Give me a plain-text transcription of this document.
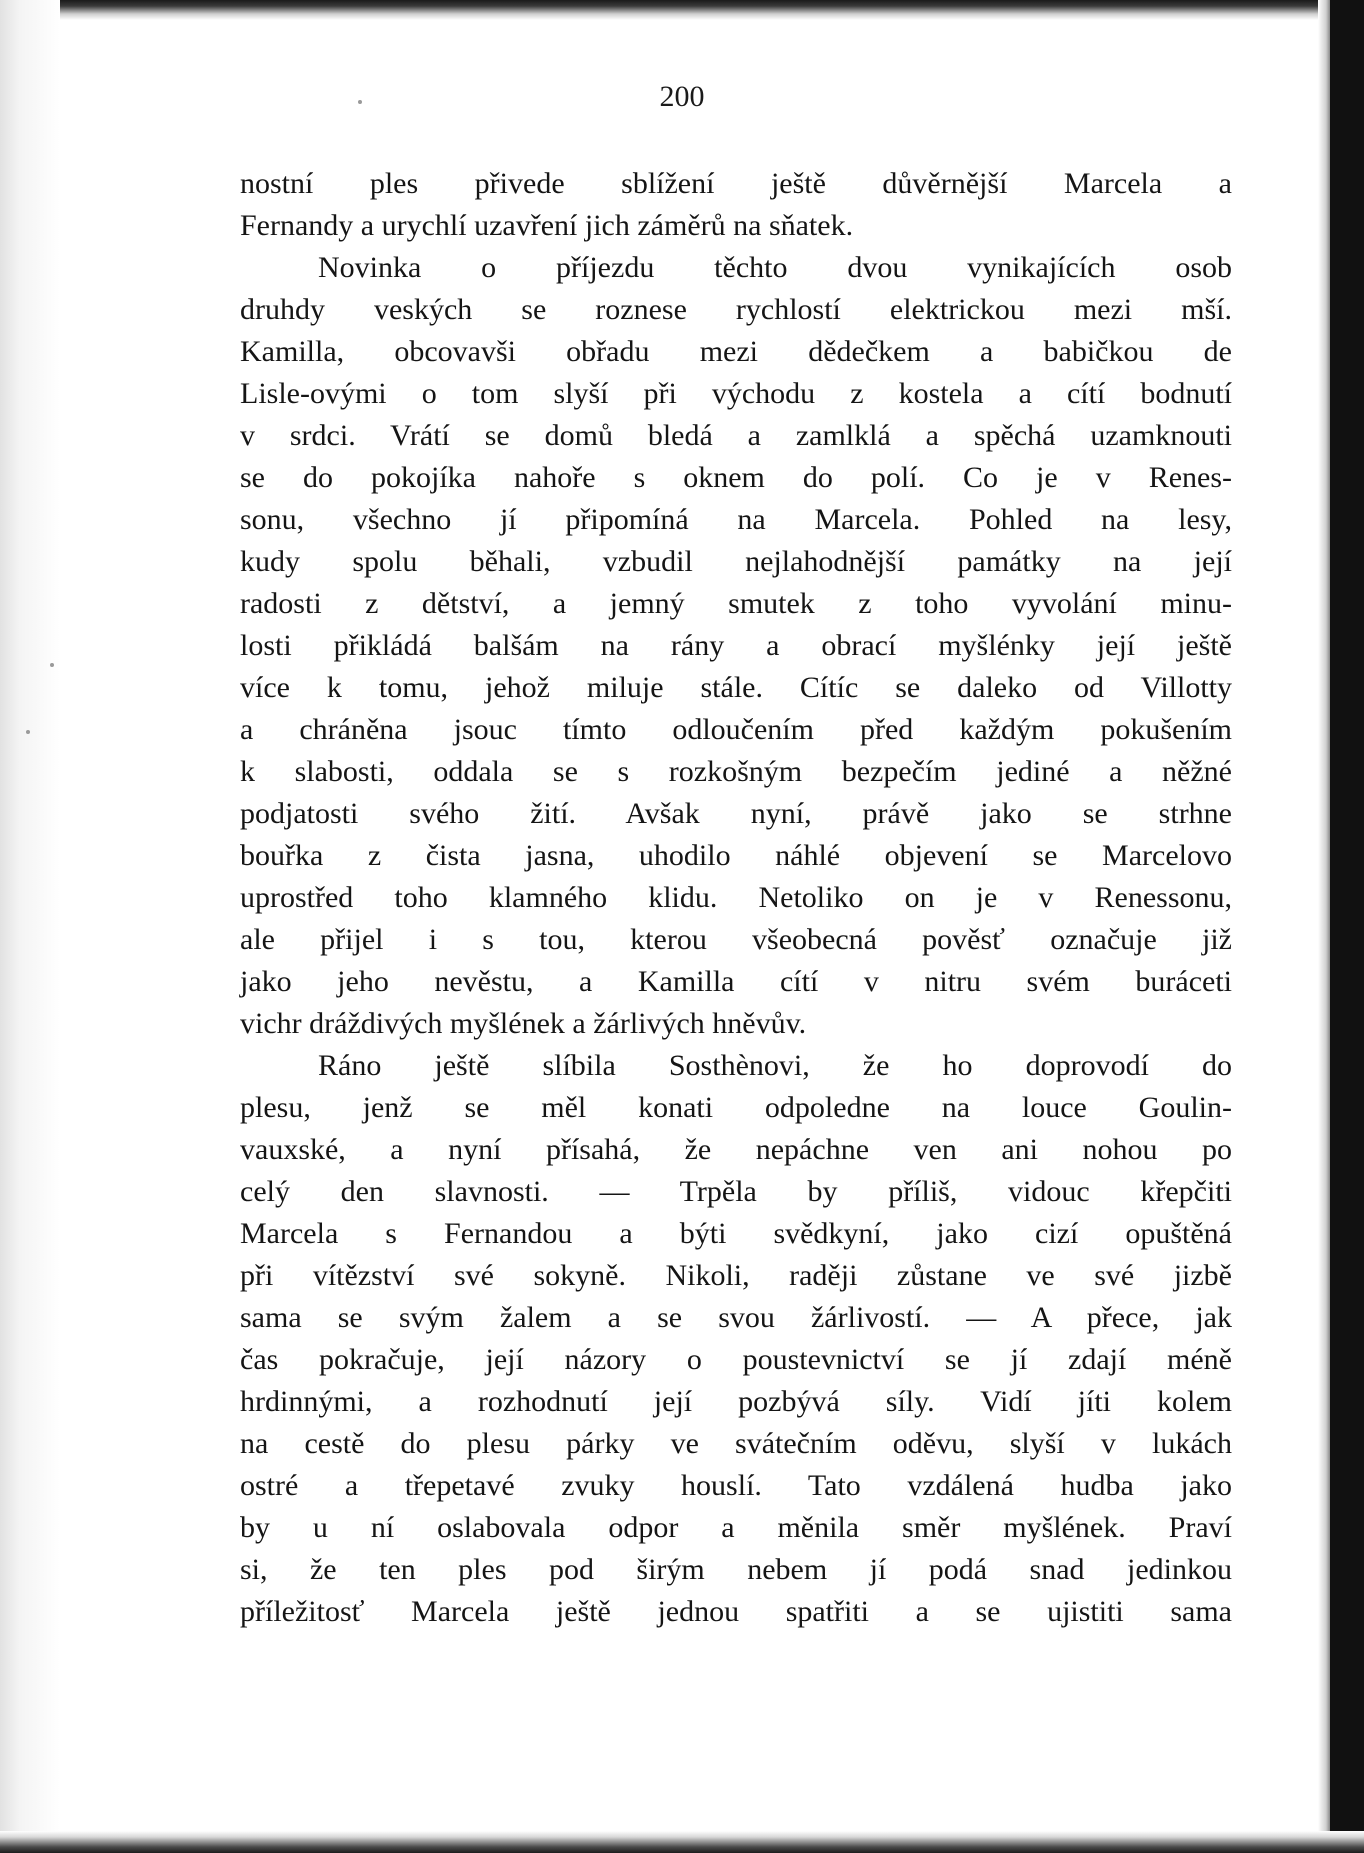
200
nostní ples přivede sblížení ještě důvěrnější Marcela a
Fernandy a urychlí uzavření jich záměrů na sňatek.
Novinka o příjezdu těchto dvou vynikajících osob
druhdy veských se roznese rychlostí elektrickou mezi mší.
Kamilla, obcovavši obřadu mezi dědečkem a babičkou de
Lisle-ovými o tom slyší při východu z kostela a cítí bodnutí
v srdci. Vrátí se domů bledá a zamlklá a spěchá uzamknouti
se do pokojíka nahoře s oknem do polí. Co je v Renes-
sonu, všechno jí připomíná na Marcela. Pohled na lesy,
kudy spolu běhali, vzbudil nejlahodnější památky na její
radosti z dětství, a jemný smutek z toho vyvolání minu-
losti přikládá balšám na rány a obrací myšlénky její ještě
více k tomu, jehož miluje stále. Cítíc se daleko od Villotty
a chráněna jsouc tímto odloučením před každým pokušením
k slabosti, oddala se s rozkošným bezpečím jediné a něžné
podjatosti svého žití. Avšak nyní, právě jako se strhne
bouřka z čista jasna, uhodilo náhlé objevení se Marcelovo
uprostřed toho klamného klidu. Netoliko on je v Renessonu,
ale přijel i s tou, kterou všeobecná pověsť označuje již
jako jeho nevěstu, a Kamilla cítí v nitru svém buráceti
vichr dráždivých myšlének a žárlivých hněvův.
Ráno ještě slíbila Sosthènovi, že ho doprovodí do
plesu, jenž se měl konati odpoledne na louce Goulin-
vauxské, a nyní přísahá, že nepáchne ven ani nohou po
celý den slavnosti. — Trpěla by příliš, vidouc křepčiti
Marcela s Fernandou a býti svědkyní, jako cizí opuštěná
při vítězství své sokyně. Nikoli, raději zůstane ve své jizbě
sama se svým žalem a se svou žárlivostí. — A přece, jak
čas pokračuje, její názory o poustevnictví se jí zdají méně
hrdinnými, a rozhodnutí její pozbývá síly. Vidí jíti kolem
na cestě do plesu párky ve svátečním oděvu, slyší v lukách
ostré a třepetavé zvuky houslí. Tato vzdálená hudba jako
by u ní oslabovala odpor a měnila směr myšlének. Praví
si, že ten ples pod širým nebem jí podá snad jedinkou
příležitosť Marcela ještě jednou spatřiti a se ujistiti sama
